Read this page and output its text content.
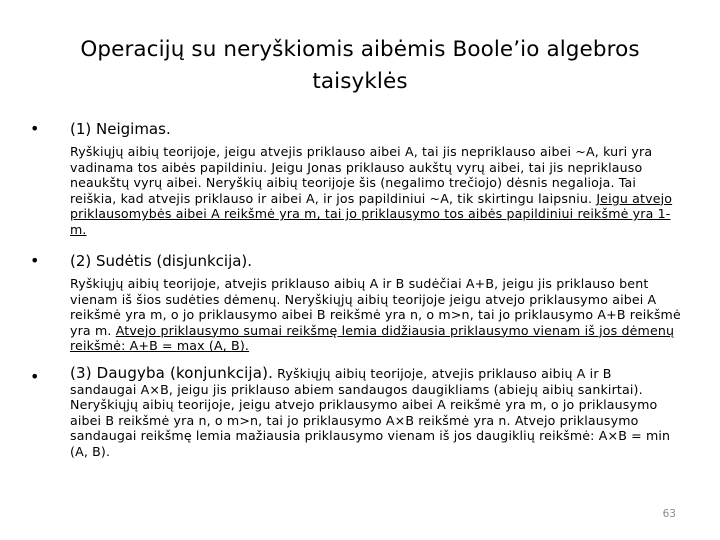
Operacijų su neryškiomis aibėmis Boole’io algebros
taisyklės
• (1) Neigimas.
Ryškiųjų aibių teorijoje, jeigu atvejis priklauso aibei A, tai jis nepriklauso aibei ~A, kuri yra vadinama tos aibės papildiniu. Jeigu Jonas priklauso aukštų vyrų aibei, tai jis nepriklauso neaukštų vyrų aibei. Neryškių aibių teorijoje šis (negalimo trečiojo) dėsnis negalioja. Tai reiškia, kad atvejis priklauso ir aibei A, ir jos papildiniui ~A, tik skirtingu laipsniu. Jeigu atvejo priklausomybės aibei A reikšmė yra m, tai jo priklausymo tos aibės papildiniui reikšmė yra 1-m.
• (2) Sudėtis (disjunkcija).
Ryškiųjų aibių teorijoje, atvejis priklauso aibių A ir B sudėčiai A+B, jeigu jis priklauso bent vienam iš šios sudėties dėmenų. Neryškiųjų aibių teorijoje jeigu atvejo priklausymo aibei A reikšmė yra m, o jo priklausymo aibei B reikšmė yra n, o m>n, tai jo priklausymo A+B reikšmė yra m. Atvejo priklausymo sumai reikšmę lemia didžiausia priklausymo vienam iš jos dėmenų reikšmė: A+B = max (A, B).
• (3) Daugyba (konjunkcija). Ryškiųjų aibių teorijoje, atvejis priklauso aibių A ir B sandaugai A×B, jeigu jis priklauso abiem sandaugos daugikliams (abiejų aibių sankirtai). Neryškiųjų aibių teorijoje, jeigu atvejo priklausymo aibei A reikšmė yra m, o jo priklausymo aibei B reikšmė yra n, o m>n, tai jo priklausymo A×B reikšmė yra n. Atvejo priklausymo sandaugai reikšmę lemia mažiausia priklausymo vienam iš jos daugiklių reikšmė: A×B = min (A, B).
63
